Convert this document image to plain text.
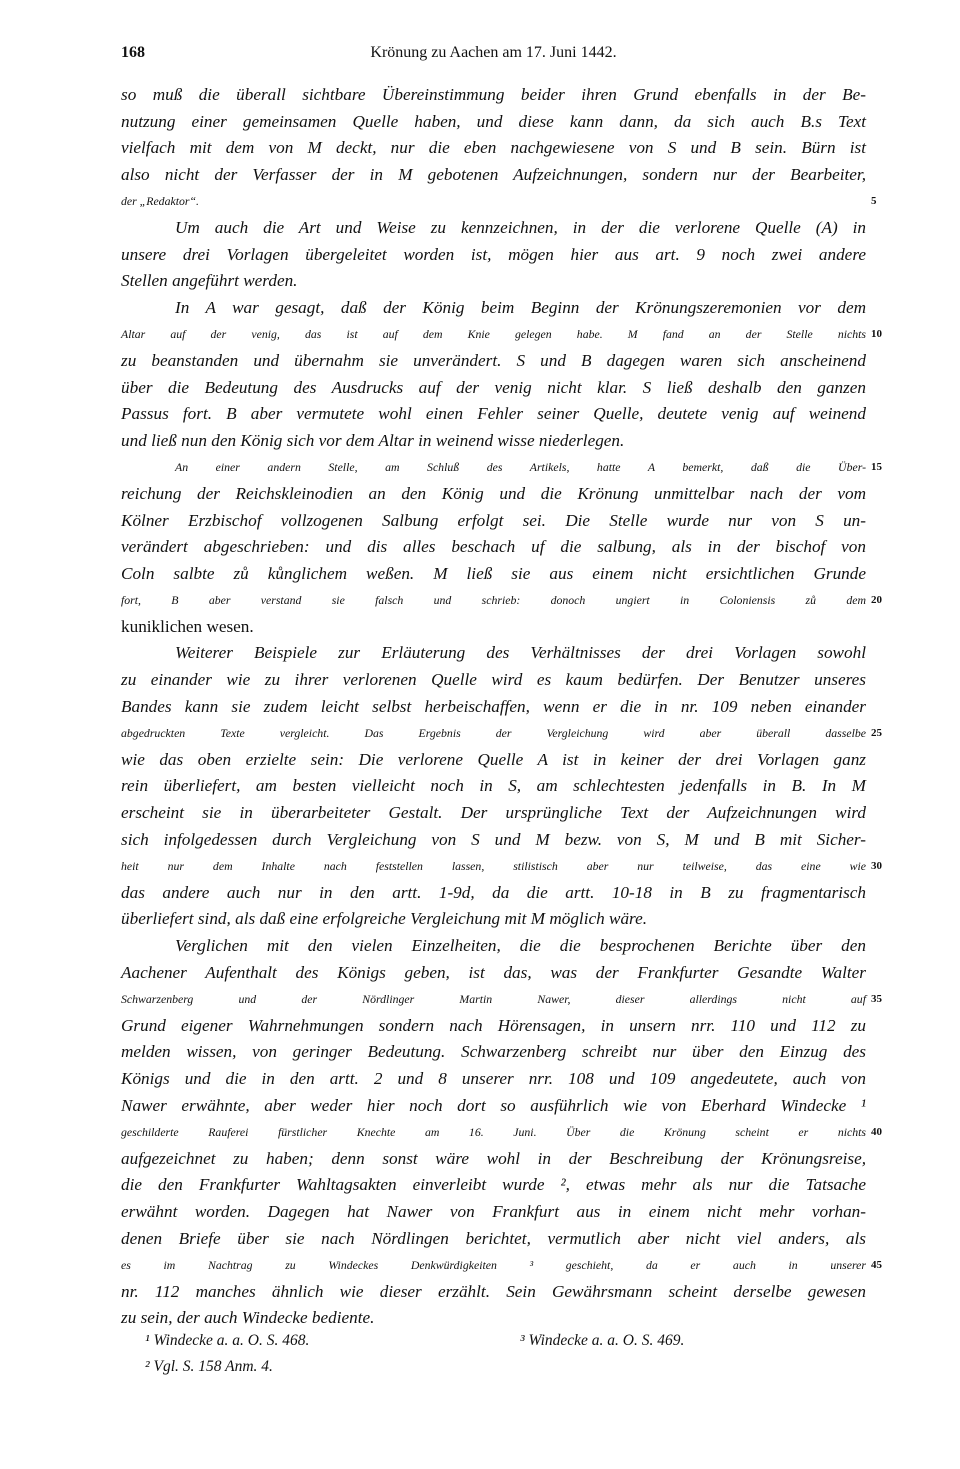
168	Krönung zu Aachen am 17. Juni 1442.
so muß die überall sichtbare Übereinstimmung beider ihren Grund ebenfalls in der Be-
nutzung einer gemeinsamen Quelle haben, und diese kann dann, da sich auch B.s Text
vielfach mit dem von M deckt, nur die eben nachgewiesene von S und B sein. Bürn ist
also nicht der Verfasser der in M gebotenen Aufzeichnungen, sondern nur der Bearbeiter,
der „Redaktor“.	5
Um auch die Art und Weise zu kennzeichnen, in der die verlorene Quelle (A) in
unsere drei Vorlagen übergeleitet worden ist, mögen hier aus art. 9 noch zwei andere
Stellen angeführt werden.
In A war gesagt, daß der König beim Beginn der Krönungszeremonien vor dem
Altar auf der venig, das ist auf dem Knie gelegen habe. M fand an der Stelle nichts 10
zu beanstanden und übernahm sie unverändert. S und B dagegen waren sich anscheinend
über die Bedeutung des Ausdrucks auf der venig nicht klar. S ließ deshalb den ganzen
Passus fort. B aber vermutete wohl einen Fehler seiner Quelle, deutete venig auf weinend
und ließ nun den König sich vor dem Altar in weinend wisse niederlegen.
An einer andern Stelle, am Schluß des Artikels, hatte A bemerkt, daß die Über- 15
reichung der Reichskleinodien an den König und die Krönung unmittelbar nach der vom
Kölner Erzbischof vollzogenen Salbung erfolgt sei. Die Stelle wurde nur von S un-
verändert abgeschrieben: und dis alles beschach uf die salbung, als in der bischof von
Coln salbte zů kůnglichem weßen. M ließ sie aus einem nicht ersichtlichen Grunde
fort, B aber verstand sie falsch und schrieb: donoch ungiert in Coloniensis zů dem 20
kuniklichen wesen.
Weiterer Beispiele zur Erläuterung des Verhältnisses der drei Vorlagen sowohl
zu einander wie zu ihrer verlorenen Quelle wird es kaum bedürfen. Der Benutzer unseres
Bandes kann sie zudem leicht selbst herbeischaffen, wenn er die in nr. 109 neben einander
abgedruckten Texte vergleicht. Das Ergebnis der Vergleichung wird aber überall dasselbe 25
wie das oben erzielte sein: Die verlorene Quelle A ist in keiner der drei Vorlagen ganz
rein überliefert, am besten vielleicht noch in S, am schlechtesten jedenfalls in B. In M
erscheint sie in überarbeiteter Gestalt. Der ursprüngliche Text der Aufzeichnungen wird
sich infolgedessen durch Vergleichung von S und M bezw. von S, M und B mit Sicher-
heit nur dem Inhalte nach feststellen lassen, stilistisch aber nur teilweise, das eine wie 30
das andere auch nur in den artt. 1-9d, da die artt. 10-18 in B zu fragmentarisch
überliefert sind, als daß eine erfolgreiche Vergleichung mit M möglich wäre.
Verglichen mit den vielen Einzelheiten, die die besprochenen Berichte über den
Aachener Aufenthalt des Königs geben, ist das, was der Frankfurter Gesandte Walter
Schwarzenberg und der Nördlinger Martin Nawer, dieser allerdings nicht auf 35
Grund eigener Wahrnehmungen sondern nach Hörensagen, in unsern nrr. 110 und 112 zu
melden wissen, von geringer Bedeutung. Schwarzenberg schreibt nur über den Einzug des
Königs und die in den artt. 2 und 8 unserer nrr. 108 und 109 angedeutete, auch von
Nawer erwähnte, aber weder hier noch dort so ausführlich wie von Eberhard Windecke ¹
geschilderte Rauferei fürstlicher Knechte am 16. Juni. Über die Krönung scheint er nichts 40
aufgezeichnet zu haben; denn sonst wäre wohl in der Beschreibung der Krönungsreise,
die den Frankfurter Wahltagsakten einverleibt wurde ², etwas mehr als nur die Tatsache
erwähnt worden. Dagegen hat Nawer von Frankfurt aus in einem nicht mehr vorhan-
denen Briefe über sie nach Nördlingen berichtet, vermutlich aber nicht viel anders, als
es im Nachtrag zu Windeckes Denkwürdigkeiten ³ geschieht, da er auch in unserer 45
nr. 112 manches ähnlich wie dieser erzählt. Sein Gewährsmann scheint derselbe gewesen
zu sein, der auch Windecke bediente.
¹ Windecke a. a. O. S. 468.
² Vgl. S. 158 Anm. 4.
³ Windecke a. a. O. S. 469.
